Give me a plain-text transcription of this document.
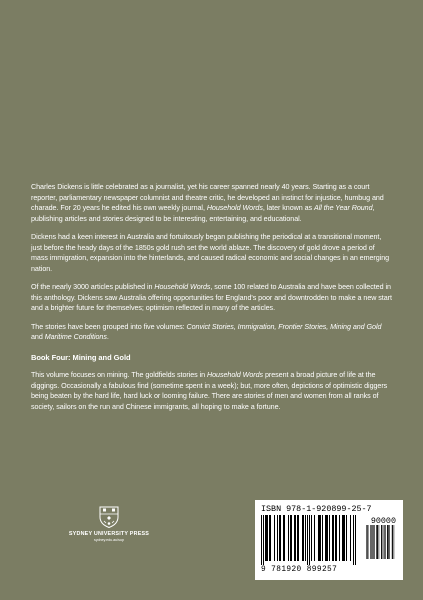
Charles Dickens is little celebrated as a journalist, yet his career spanned nearly 40 years. Starting as a court reporter, parliamentary newspaper columnist and theatre critic, he developed an instinct for injustice, humbug and charade. For 20 years he edited his own weekly journal, Household Words, later known as All the Year Round, publishing articles and stories designed to be interesting, entertaining, and educational.

Dickens had a keen interest in Australia and fortuitously began publishing the periodical at a transitional moment, just before the heady days of the 1850s gold rush set the world ablaze. The discovery of gold drove a period of mass immigration, expansion into the hinterlands, and caused radical economic and social changes in an emerging nation.

Of the nearly 3000 articles published in Household Words, some 100 related to Australia and have been collected in this anthology. Dickens saw Australia offering opportunities for England's poor and downtrodden to make a new start and a brighter future for themselves; optimism reflected in many of the articles.

The stories have been grouped into five volumes: Convict Stories, Immigration, Frontier Stories, Mining and Gold and Maritime Conditions.

Book Four: Mining and Gold

This volume focuses on mining. The goldfields stories in Household Words present a broad picture of life at the diggings. Occasionally a fabulous find (sometime spent in a week); but, more often, depictions of optimistic diggers being beaten by the hard life, hard luck or looming failure. There are stories of men and women from all ranks of society, sailors on the run and Chinese immigrants, all hoping to make a fortune.

SYDNEY UNIVERSITY PRESS
sydney.edu.au/sup
ISBN 978-1-920899-25-7
90000
9 781920 899257
